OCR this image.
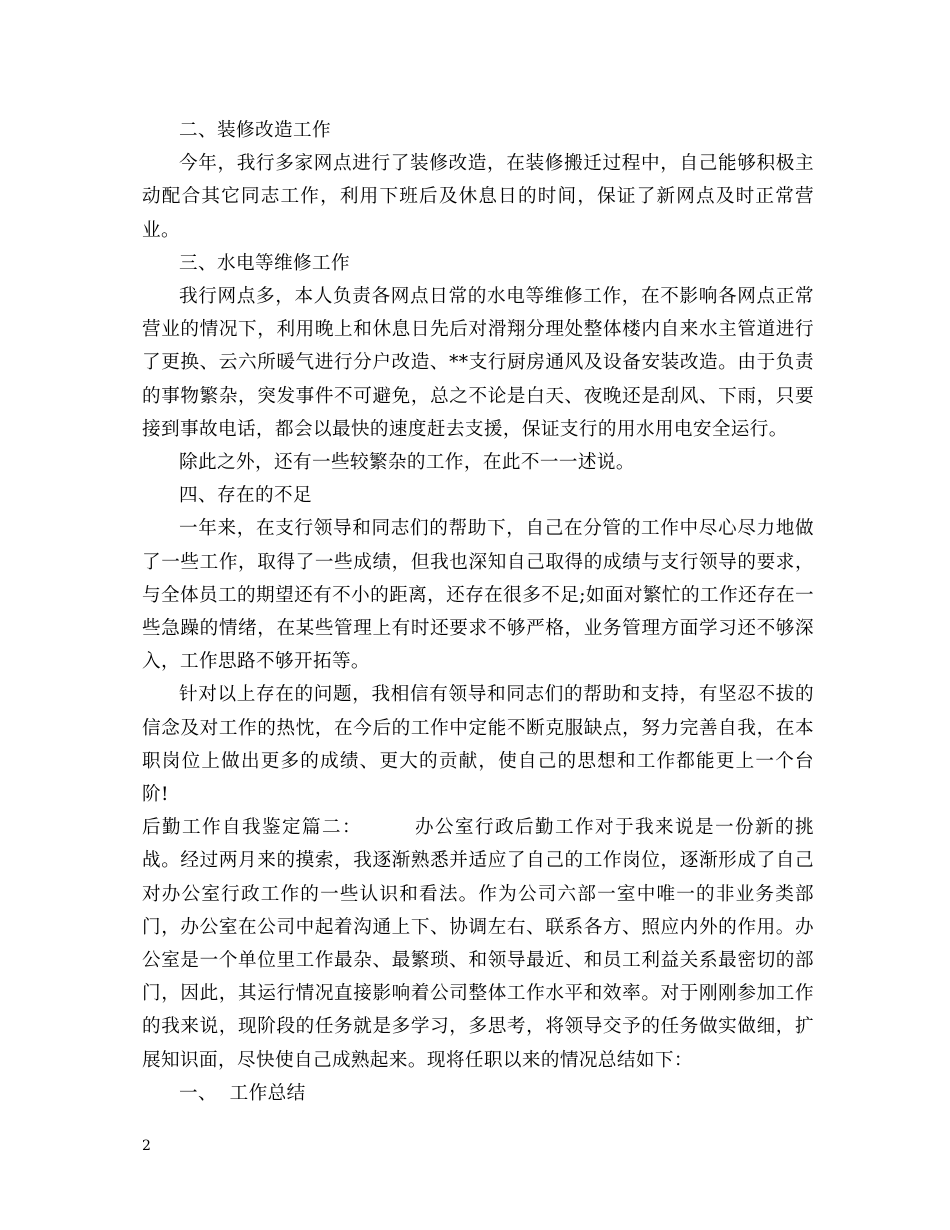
二、装修改造工作

今年，我行多家网点进行了装修改造，在装修搬迁过程中，自己能够积极主动配合其它同志工作，利用下班后及休息日的时间，保证了新网点及时正常营业。

三、水电等维修工作

我行网点多，本人负责各网点日常的水电等维修工作，在不影响各网点正常营业的情况下，利用晚上和休息日先后对滑翔分理处整体楼内自来水主管道进行了更换、云六所暖气进行分户改造、**支行厨房通风及设备安装改造。由于负责的事物繁杂，突发事件不可避免，总之不论是白天、夜晚还是刮风、下雨，只要接到事故电话，都会以最快的速度赶去支援，保证支行的用水用电安全运行。

除此之外，还有一些较繁杂的工作，在此不一一述说。

四、存在的不足

一年来，在支行领导和同志们的帮助下，自己在分管的工作中尽心尽力地做了一些工作，取得了一些成绩，但我也深知自己取得的成绩与支行领导的要求，与全体员工的期望还有不小的距离，还存在很多不足;如面对繁忙的工作还存在一些急躁的情绪，在某些管理上有时还要求不够严格，业务管理方面学习还不够深入，工作思路不够开拓等。

针对以上存在的问题，我相信有领导和同志们的帮助和支持，有坚忍不拔的信念及对工作的热忱，在今后的工作中定能不断克服缺点，努力完善自我，在本职岗位上做出更多的成绩、更大的贡献，使自己的思想和工作都能更上一个台阶!

后勤工作自我鉴定篇二：	办公室行政后勤工作对于我来说是一份新的挑战。经过两月来的摸索，我逐渐熟悉并适应了自己的工作岗位，逐渐形成了自己对办公室行政工作的一些认识和看法。作为公司六部一室中唯一的非业务类部门，办公室在公司中起着沟通上下、协调左右、联系各方、照应内外的作用。办公室是一个单位里工作最杂、最繁琐、和领导最近、和员工利益关系最密切的部门，因此，其运行情况直接影响着公司整体工作水平和效率。对于刚刚参加工作的我来说，现阶段的任务就是多学习，多思考，将领导交予的任务做实做细，扩展知识面，尽快使自己成熟起来。现将任职以来的情况总结如下：

一、  工作总结

2
